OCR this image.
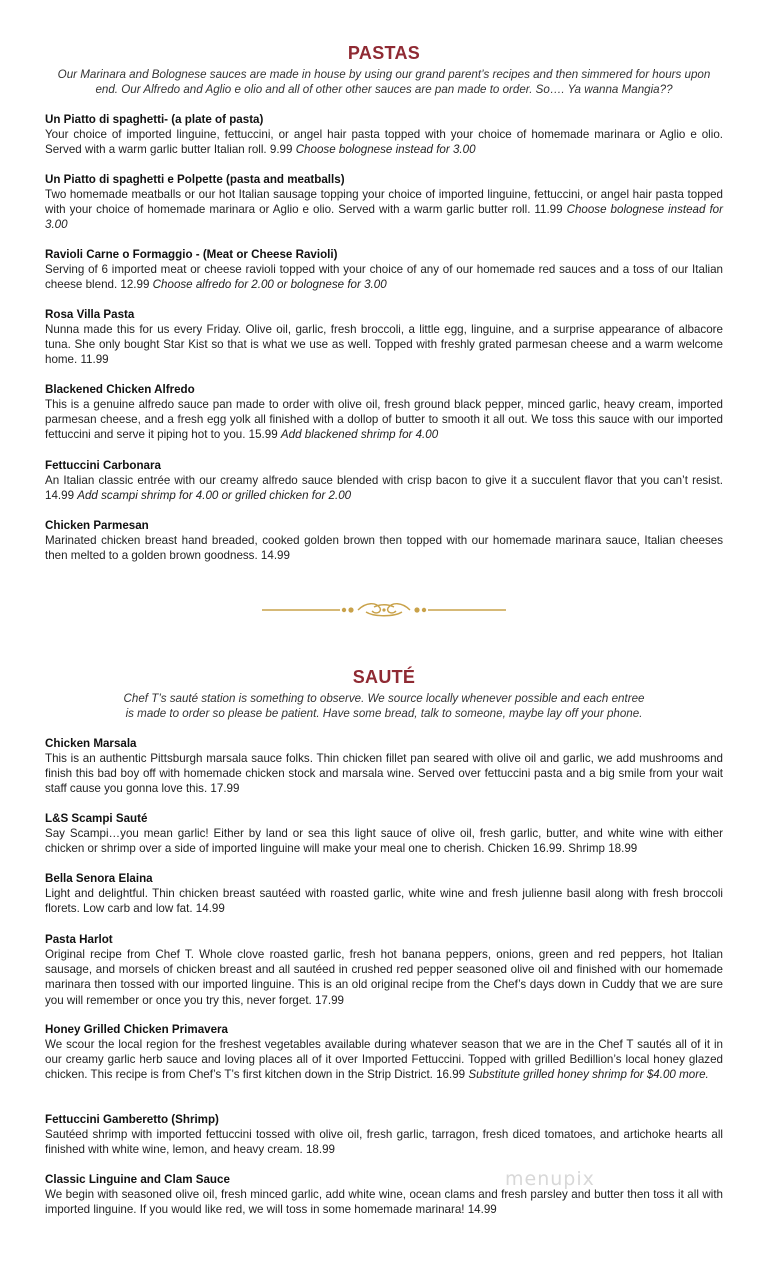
PASTAS
Our Marinara and Bolognese sauces are made in house by using our grand parent’s recipes and then simmered for hours upon end. Our Alfredo and Aglio e olio and all of other other sauces are pan made to order. So…. Ya wanna Mangia??
Un Piatto di spaghetti- (a plate of pasta)
Your choice of imported linguine, fettuccini, or angel hair pasta topped with your choice of homemade marinara or Aglio e olio. Served with a warm garlic butter Italian roll. 9.99 Choose bolognese instead for 3.00
Un Piatto di spaghetti e Polpette (pasta and meatballs)
Two homemade meatballs or our hot Italian sausage topping your choice of imported linguine, fettuccini, or angel hair pasta topped with your choice of homemade marinara or Aglio e olio. Served with a warm garlic butter roll. 11.99 Choose bolognese instead for 3.00
Ravioli Carne o Formaggio - (Meat or Cheese Ravioli)
Serving of 6 imported meat or cheese ravioli topped with your choice of any of our homemade red sauces and a toss of our Italian cheese blend. 12.99 Choose alfredo for 2.00 or bolognese for 3.00
Rosa Villa Pasta
Nunna made this for us every Friday. Olive oil, garlic, fresh broccoli, a little egg, linguine, and a surprise appearance of albacore tuna. She only bought Star Kist so that is what we use as well. Topped with freshly grated parmesan cheese and a warm welcome home. 11.99
Blackened Chicken Alfredo
This is a genuine alfredo sauce pan made to order with olive oil, fresh ground black pepper, minced garlic, heavy cream, imported parmesan cheese, and a fresh egg yolk all finished with a dollop of butter to smooth it all out. We toss this sauce with our imported fettuccini and serve it piping hot to you. 15.99 Add blackened shrimp for 4.00
Fettuccini Carbonara
An Italian classic entrée with our creamy alfredo sauce blended with crisp bacon to give it a succulent flavor that you can’t resist. 14.99 Add scampi shrimp for 4.00 or grilled chicken for 2.00
Chicken Parmesan
Marinated chicken breast hand breaded, cooked golden brown then topped with our homemade marinara sauce, Italian cheeses then melted to a golden brown goodness. 14.99
SAUTÉ
Chef T’s sauté station is something to observe. We source locally whenever possible and each entree
is made to order so please be patient. Have some bread, talk to someone, maybe lay off your phone.
Chicken Marsala
This is an authentic Pittsburgh marsala sauce folks. Thin chicken fillet pan seared with olive oil and garlic, we add mushrooms and finish this bad boy off with homemade chicken stock and marsala wine. Served over fettuccini pasta and a big smile from your wait staff cause you gonna love this. 17.99
L&S Scampi Sauté
Say Scampi…you mean garlic! Either by land or sea this light sauce of olive oil, fresh garlic, butter, and white wine with either chicken or shrimp over a side of imported linguine will make your meal one to cherish. Chicken 16.99. Shrimp 18.99
Bella Senora Elaina
Light and delightful. Thin chicken breast sautéed with roasted garlic, white wine and fresh julienne basil along with fresh broccoli florets. Low carb and low fat. 14.99
Pasta Harlot
Original recipe from Chef T. Whole clove roasted garlic, fresh hot banana peppers, onions, green and red peppers, hot Italian sausage, and morsels of chicken breast and all sautéed in crushed red pepper seasoned olive oil and finished with our homemade marinara then tossed with our imported linguine. This is an old original recipe from the Chef’s days down in Cuddy that we are sure you will remember or once you try this, never forget. 17.99
Honey Grilled Chicken Primavera
We scour the local region for the freshest vegetables available during whatever season that we are in the Chef T sautés all of it in our creamy garlic herb sauce and loving places all of it over Imported Fettuccini. Topped with grilled Bedillion’s local honey glazed chicken. This recipe is from Chef’s T’s first kitchen down in the Strip District. 16.99 Substitute grilled honey shrimp for $4.00 more.
Fettuccini Gamberetto (Shrimp)
Sautéed shrimp with imported fettuccini tossed with olive oil, fresh garlic, tarragon, fresh diced tomatoes, and artichoke hearts all finished with white wine, lemon, and heavy cream. 18.99
Classic Linguine and Clam Sauce
We begin with seasoned olive oil, fresh minced garlic, add white wine, ocean clams and fresh parsley and butter then toss it all with imported linguine. If you would like red, we will toss in some homemade marinara! 14.99
menupix
